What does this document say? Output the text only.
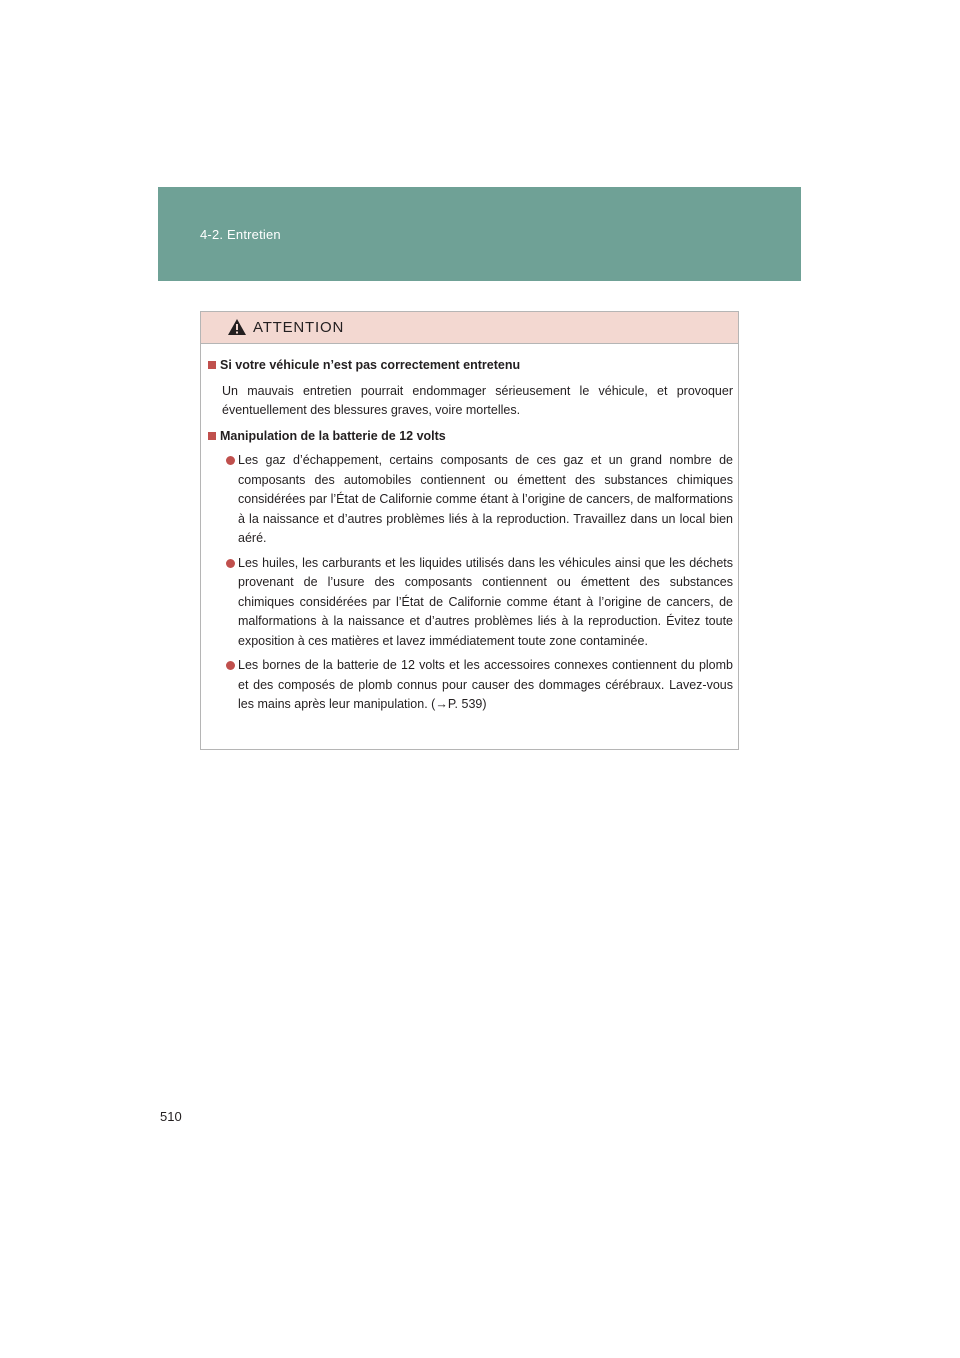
4-2. Entretien
ATTENTION

Si votre véhicule n’est pas correctement entretenu

Un mauvais entretien pourrait endommager sérieusement le véhicule, et provoquer éventuellement des blessures graves, voire mortelles.

Manipulation de la batterie de 12 volts

Les gaz d’échappement, certains composants de ces gaz et un grand nombre de composants des automobiles contiennent ou émettent des substances chimiques considérées par l’État de Californie comme étant à l’origine de cancers, de malformations à la naissance et d’autres problèmes liés à la reproduction. Travaillez dans un local bien aéré.

Les huiles, les carburants et les liquides utilisés dans les véhicules ainsi que les déchets provenant de l’usure des composants contiennent ou émettent des substances chimiques considérées par l’État de Californie comme étant à l’origine de cancers, de malformations à la naissance et d’autres problèmes liés à la reproduction. Évitez toute exposition à ces matières et lavez immédiatement toute zone contaminée.

Les bornes de la batterie de 12 volts et les accessoires connexes contiennent du plomb et des composés de plomb connus pour causer des dommages cérébraux. Lavez-vous les mains après leur manipulation. (→P. 539)

510
